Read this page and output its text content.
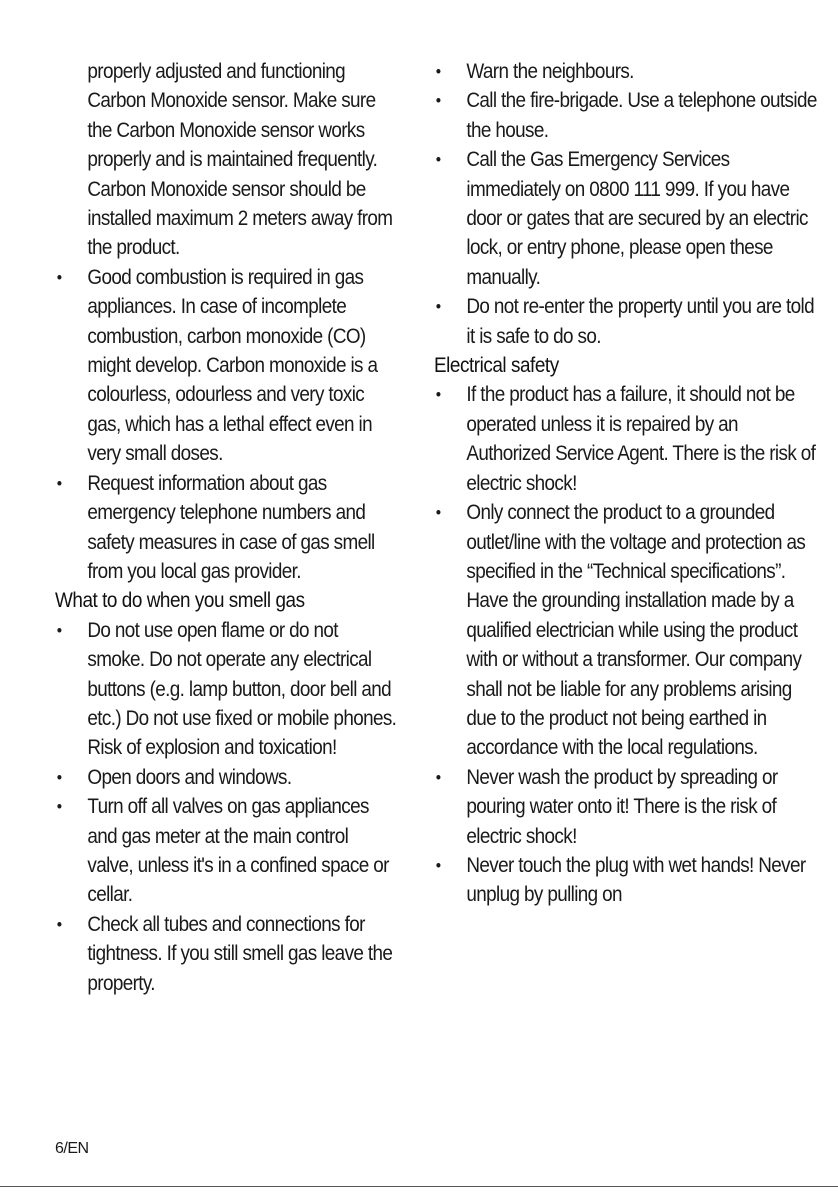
properly adjusted and functioning Carbon Monoxide sensor. Make sure the Carbon Monoxide sensor works properly and is maintained frequently. Carbon Monoxide sensor should be installed maximum 2 meters away from the product.
• Good combustion is required in gas appliances. In case of incomplete combustion, carbon monoxide (CO) might develop. Carbon monoxide is a colourless, odourless and very toxic gas, which has a lethal effect even in very small doses.
• Request information about gas emergency telephone numbers and safety measures in case of gas smell from you local gas provider.
What to do when you smell gas
• Do not use open flame or do not smoke. Do not operate any electrical buttons (e.g. lamp button, door bell and etc.) Do not use fixed or mobile phones. Risk of explosion and toxication!
• Open doors and windows.
• Turn off all valves on gas appliances and gas meter at the main control valve, unless it's in a confined space or cellar.
• Check all tubes and connections for tightness. If you still smell gas leave the property.
• Warn the neighbours.
• Call the fire-brigade. Use a telephone outside the house.
• Call the Gas Emergency Services immediately on 0800 111 999. If you have door or gates that are secured by an electric lock, or entry phone, please open these manually.
• Do not re-enter the property until you are told it is safe to do so.
Electrical safety
• If the product has a failure, it should not be operated unless it is repaired by an Authorized Service Agent. There is the risk of electric shock!
• Only connect the product to a grounded outlet/line with the voltage and protection as specified in the “Technical specifications”. Have the grounding installation made by a qualified electrician while using the product with or without a transformer. Our company shall not be liable for any problems arising due to the product not being earthed in accordance with the local regulations.
• Never wash the product by spreading or pouring water onto it! There is the risk of electric shock!
• Never touch the plug with wet hands! Never unplug by pulling on
6/EN
